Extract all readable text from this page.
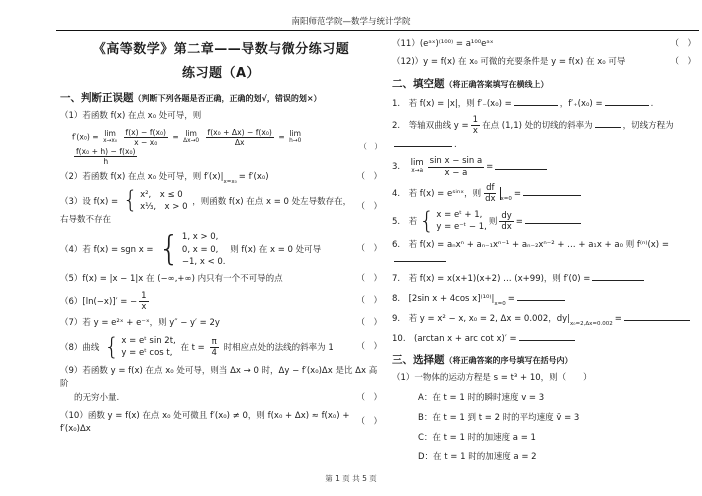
南阳师范学院—数学与统计学院
《高等数学》第二章——导数与微分练习题
练习题（A）
一、判断正误题（判断下列各题是否正确，正确的划√，错误的划×）
（1）若函数 f(x) 在点 x₀ 处可导，则
f′(x₀) = lim
x→x₀
$\frac{\text{f(x) − f(x₀)}}{\text{x − x₀}} = \lim$
Δx→0
$\frac{\text{f(x₀ + Δx) − f(x₀)}}{\Delta x} = \lim$
h→0

$\frac{\text{f(x₀ + h) − f(x₀)}}{h}$
（　）
（2）若函数 f(x) 在点 x₀ 处可导，则 $f'(x)|_{x=x_0} = f'(x_0)$	（　）
（3）设 f(x) = { x²,　x ≤ 0
x⅓,　x > 0
，则函数 f(x) 在点 x = 0 处左导数存在，右导数不存在
（　）
（4）若 f(x) = sgn x = { 1, x > 0,
0, x = 0,
−1, x < 0.
则 f(x) 在 x = 0 处可导	（　）
（5）f(x) = |x − 1|x 在 (−∞,+∞) 内只有一个不可导的点	（　）
（6）[ln(−x)]′ = − $\frac{1}{x}$	（　）
（7）若 y = e²ˣ + e⁻ˣ，则 y″ − y′ = 2y	（　）
（8）曲线 { x = eᵗ sin 2t,
y = eᵗ cos t,
在 $t = \frac{\pi}{4}$ 时相应点处的法线的斜率为 1	（　）
（9）若函数 y = f(x) 在点 x₀ 处可导，则当 Δx → 0 时，Δy − f′(x₀)Δx 是比 Δx 高阶
的无穷小量.	（　）
（10）函数 y = f(x) 在点 x₀ 处可微且 f′(x₀) ≠ 0，则 f(x₀ + Δx) ≈ f(x₀) + f′(x₀)Δx
（　）
（11）(eᵃˣ)⁽¹⁰⁰⁾ = a¹⁰⁰eᵃˣ	（　）
（12)）y = f(x) 在 x₀ 可微的充要条件是 y = f(x) 在 x₀ 可导	（　）
二、填空题（将正确答案填写在横线上）
1.　若 f(x) = |x|，则 f′₋(x₀) =	，f′₊(x₀) =	.
2.　等轴双曲线 $y = \frac{1}{x}$ 在点 (1,1) 处的切线的斜率为	，切线方程为.
3.　 lim
$x\to a \frac{\text{sin x − sin a}}{x - a}$ =
4.　若 f(x) = eˢⁱⁿˣ，则 $\frac{df}{dx} _{x=0}$ =
5.　若 { x = eᵗ + 1,
y = e⁻ᵗ − 1,
则 $\frac{dy}{dx}$ =
6.　若 f(x) = aₙxⁿ + aₙ₋₁xⁿ⁻¹ + aₙ₋₂xⁿ⁻² + … + a₁x + a₀ 则 f⁽ⁿ⁾(x) =
7.　若 f(x) = x(x+1)(x+2) … (x+99)，则 f′(0) =
8.　[2sin x + 4cos $x]^{(10)}|_{x=0}$ =
9.　若 y = x² − x, x₀ = 2, Δx = 0.002，$dy|_{x_0=2,\Delta x=0.002}$ =
10.　(arctan x + arc cot x)′ =
三、选择题（将正确答案的序号填写在括号内）
（1）一物体的运动方程是 s = t³ + 10，则（　　）
A：在 t = 1 时的瞬时速度 v = 3
B：在 t = 1 到 t = 2 时的平均速度 v̄ = 3
C：在 t = 1 时的加速度 a = 1
D：在 t = 1 时的加速度 a = 2
第 1 页 共 5 页
